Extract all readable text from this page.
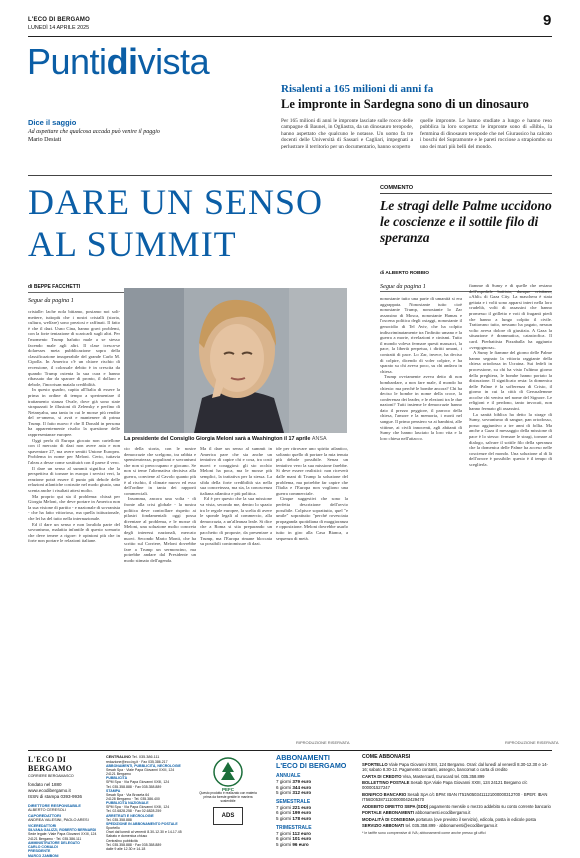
L'ECO DI BERGAMO
LUNEDÌ 14 APRILE 2025	9
Puntidivista
Dice il saggio
Ad aspettare che qualcosa accada può venire il paggio
Mario Desiati
Risalenti a 165 milioni di anni fa
Le impronte in Sardegna sono di un dinosauro

Per 165 milioni di anni le impronte lasciate sulle rocce delle campagne di Baunei, in Ogliastra, da un dinosauro teropode, hanno aspettato che qualcuno le notasse. Un uomo fa tre docenti delle Università di Sassari e Cagliari, impegnati a perlustrare il territorio per un documentario, hanno scoperto

quelle impronte. Le hanno studiate a lungo e hanno reso pubblica la loro scoperta: le impronte sono di «Bibi», la femmina di dinosauro teropode che nel Giurassico ha calcato i boschi del Supramonte e le pareti rocciose a strapiombo su uno dei mari più belli del mondo.

DARE UN SENSO
AL SUMMIT
COMMENTO
Le stragi delle Palme uccidono le coscienze e il sottile filo di speranza
di ALBERTO ROBBIO
di BEPPE FACCHETTI
Segue da pagina 1

cristalle: lache nola bitiamo, posiamo noi soli-mettere, tuttopiù che i nostri cristalli (storia, cultura, welfare) sono preziosi e raffinati. Il fatto è che il dazi. Usno Cina, hanno gravi problemi, con la forte tentazione di scaricarli sugli altri. Per l'momento Trump hafatto male a se stesso facendo male agli altri. Il clase icesca-se dolaesses meta pubblicazione sopra della classificazione insuperabile del grande Carlo M. Cipolla. In America c'è un chiave rischio di recessione, il colossale debito è in crescita da quando Trump ostenta la sua cura e hanno ribassato dar da sparare di pronto, il dollaro e debole, l'inocrisan maiala credibilità.

In questo quadro, capita all'Italia di essere la prima in ordine di tempo a sperimentare il trattamento stanza Ovale, dove già sono state strapazzati le illusioni di Zelensky e perfino di Netanyahu, una tanta in cui le mosse più rendite del re-ameno, si avrà e mantenere di prima Trump. Il fatto nuovo è che Il Donald in persona ha apparentemente risolto la questione delle rappresentanze europee.

Oggi perfa di Europa giocato non cartellone con il mercato di dazi non avere asta e non spaventare 27, ma avere sentiti Unione Europea. Problema in nome per Meloni. Certo, tuttavia l'aleas a desse come sostituirà con il paese il vero.

Il dare un senso al summit significa che la perspettiva di tornare in europa i servizi veri, la reazione potrà essere il punto più debole delle relazioni atlantiche costruite nel modo giusto, una scenta anche i risultati attesi molto.

Ma proprio qui sta il problema: chissà per Giorgia Meloni, che deve portare in America non la sua visione di partito - e nazionale di sovranista - che ha fatto vittorioso, ma quella istituzionale, che lei ha del tutto nella internazionale.

Ed il dare un senso e non lavalida parte del sovranismo, malattia infantile di questo scenario che deve tenere a rigore: è opinioni più che in forte non portare le relazioni italiane.

La presidente del Consiglio Giorgia Meloni sarà a Washington il 17 aprile ANSA

cio della storia, con le nostre democrazie che scelgono, tra rabbia e spensieratezza, populismi e sovranismi che non si preoccupano e giocano. Se non si teme l'alternativa decisiva alla guerra, conviene al Cavolo quanto più è al rischio, il climate nuovo ed esso dell'ordine in tanta dei rapporti commerciali.

Insomma, ancora una volta - di fronte alla crisi globale - la nostra politica deve controllare rispetto ai pilastri fondamentali: oggi possa diventare al problema, e le mosse di Meloni, una soluzione molto concreta degli interessi nazionali, mercato nuovi. Secondo Mario Monti, che ha scritto sul Corriere, Meloni dovrebbe fare a Trump un sermoncino, ma potrebbe andare dal Presidente un modo stimato dell'agenda.

Ma il dare un senso al summit in America pare che sia anche un tentativo di capire chi e cosa, tra costi nuovi e coraggiosi: gli sto occhio Meloni ha poca, ma le mosse più semplici, la trattativa per la stessa. La sfida della forte credibilità sta nella sua concretezza, ma sia, la conoscenza italiana atlantica e più politica.

Ed è per questo che la sua missione va vista, secondo me, dentro lo spazio tra le regole europee, la scelta di avere le sponde legali al commercio, alla democrazia, a un'alleanza leale. Si dice che a Roma si stia preparando un pacchetto di proposte, da presentare a Trump, ma l'Europa rimane bloccata su possibili contromisure di dazi.

ide per ritrovare uno spirito atlantico, soltanto quello di portare la mia tenuta più debole possibile. Senza un tentativo vero la sua missione farebbe. Si deve essere realistici: non riceverà dalle mani di Trump la soluzione del problema, ma potrebbe far capire che l'Italia e l'Europa non vogliono una guerra commerciale.

Cinque suggestivi che sono la perfetta descrizione dell'avvio possibile. Colpisce soprattutto, quel "e umile" soprattutto "perché rovesciata propaganda quotidiana di maggioranza e opposizione. Meloni dovrebbe usarlo tutto in giro alla Casa Bianca, a sequenza di metà.

RIPRODUZIONE RISERVATA
Segue da pagina 1

nonostante tutto una parte di umanità si era aggrappata. Nonostante tutto cioè nonostante Trump, nonostante lo Zar assassino di Mosca, nonostante Hamas e l'oscena politica degli ostaggi, nonostante il genocidio di Tel Aviv, che ha colpito indiscriminatamente tra l'infinito umano e la guerra a morte, rivelazioni e cinismi. Tutto il mondo voleva fermare questi massacri, la pace, la libertà perpetua, i diritti umani, i contratti di pace. Lo Zar, invece, ha deciso di colpire, dicendo di voler colpire, e ha sparato su chi aveva poco, su chi andava in chiesa.

Trump ovviamente aveva detto di non bombardare, a non fare male, il mondo ha chiesto: ma perché le bombe ancora? Chi ha deciso le bombe in nome della croce, la conferenza dei leader, e le elezioni tra le due nazioni? Tutti insieme le democrazie hanno dato il prezzo peggiore, il parroco della chiesa, l'amore e la memoria, i morti nel sangue. Il primo pensiero va ai bambini, alle vittime, ai civili innocenti, agli abitanti di Sumy che hanno lasciato la loro vita e la loro chiesa nell'attacco.

fiamme di Sumy e di quelle che restano dell'ospedale battista, dunque cristiano, «Ahli» di Gaza City. La maschera è stata gettata e i volti sono apparsi interi nella loro crudeltà, volti di assassini che hanno promesso il grilletto e voti di fraganti piedi che hanno a lungo colpito il civile. Trattavano tutto, nessuno ha pagato, nessun volto aveva dolore di giustizia. A Gaza la situazione è drammatica, catastrofica. Il card. Pierbattista Pizzaballa ha aggiunto «vergognosa».

A Sumy le fiamme del giorno delle Palme hanno segnato la vittoria raggiante della chiesa ortodossa in Ucraina. Sui fedeli in processione, su chi ha visto l'ultimo giorno della preghiera, le bombe hanno portato la distruzione. Il significato resta: la domenica delle Palme è la sofferenza di Cristo, il giorno in cui la città di Gerusalemme accolse chi veniva nel nome del Signore. Le religioni e il perdono, tanto invocati, non hanno fermato gli assassini.

La sanità biblica ha detto la strage di Sumy, sovranismo di sangue, pan ortodosso, posso aggiuntivo a tre anni di follia. Ma anche a Gaza il messaggio della missione di pace è lo stesso: fermare le stragi, tornare al dialogo, salvare il sottile filo della speranza che la domenica delle Palme ha acceso nelle coscienze del mondo. Una soluzione al di là dell'orrore è possibile: questo è il tempo di sceglierla.

RIPRODUZIONE RISERVATA
L'ECO DI BERGAMO
CORRIERE BERGAMASCO
fondato nel 1880
www.ecodibergamo.it
ISSN di stampa 0393-9936
DIRETTORE RESPONSABILE
ALBERTO CERESOLI
CAPOREDATTORI
ANDREA VALESINI, PAOLO ARESI
VICEREDATTORI
SILVANA GALIZZI, ROBERTO BERNARDI
Sede legale: Viale Papa Giovanni XXIII, 124
24121 Bergamo · Tel. 035.386.111
AMMINISTRATORE DELEGATO
CARLO COMALDI
PRESIDENTE
MARCO ZAMBONI
CENTRALINO Tel. 035.386.111
redazione@eco.bg.it · Fax 035.386.217
ABBONAMENTI, PUBBLICITÀ, NECROLOGIE
Sesab Spa · Viale Papa Giovanni XXIII, 124
24121 Bergamo
PUBBLICITÀ
SPM Spa · Via Papa Giovanni XXIII, 124
Tel. 035.358.888 · Fax 035.358.889
STAMPA
Sesab Spa · Via Broseta 64
24128 Bergamo · Tel. 035.386.400
PUBBLICITÀ NAZIONALE
SPM Spa · Via Papa Giovanni XXIII, 124
Tel. 02.6828.258 · Fax 02.6828.259
ARRETRATI E NECROLOGIE
Tel. 035.358.888
SPEDIZIONE IN ABBONAMENTO POSTALE
Sportello
Orari dal lunedì al venerdì 8.30-12.30 e 14-17.45
Sabato e domenica chiuso
Centralino pubblicità
Tel. 035.358.888 · Fax 035.358.889
dalle 9 alle 12.30 e 14-18
PEFC
Questo prodotto è realizzato con materia prima da foreste gestite in maniera sostenibile
ADS
ABBONAMENTI
L'ECO DI BERGAMO
ANNUALE
7 giorni 379 euro
6 giorni 344 euro
5 giorni 312 euro
SEMESTRALE
7 giorni 221 euro
6 giorni 199 euro
5 giorni 178 euro
TRIMESTRALE
7 giorni 112 euro
6 giorni 101 euro
5 giorni 96 euro
COME ABBONARSI
SPORTELLO Viale Papa Giovanni XXIII, 124 Bergamo. Orari: dal lunedì al venerdì 8.30-12.30 e 14-16; sabato 8.30-12. Pagamento contanti, assegno, bancomat o carta di credito
CARTA DI CREDITO Visa, Mastercard, Eurocard tel. 035.358.899
BOLLETTINO POSTALE Sesab SpA Viale Papa Giovanni XXIII, 124 24121 Bergamo c/c 000001527247
BONIFICO BANCARIO Sesab SpA c/c BPM: IBAN IT51N0503411121000000312700 · BPER: IBAN IT56D0538711100000042429470
ADDEBITO DIRETTO SEPA (SDD) pagamento mensile o mezzo addebito su conto corrente bancario
PORTALE ABBONAMENTI abbonamenti.ecodibergamo.it
MODALITÀ DI CONSEGNA portatura (ove previsto il servizio), edicola, posta in edicole posta
SERVIZIO ABBONATI tel. 035.358.899 · abbonamenti@ecodibergamo.it
* le tariffe sono comprensive di IVA; abbonamenti come anche presso gli uffici
